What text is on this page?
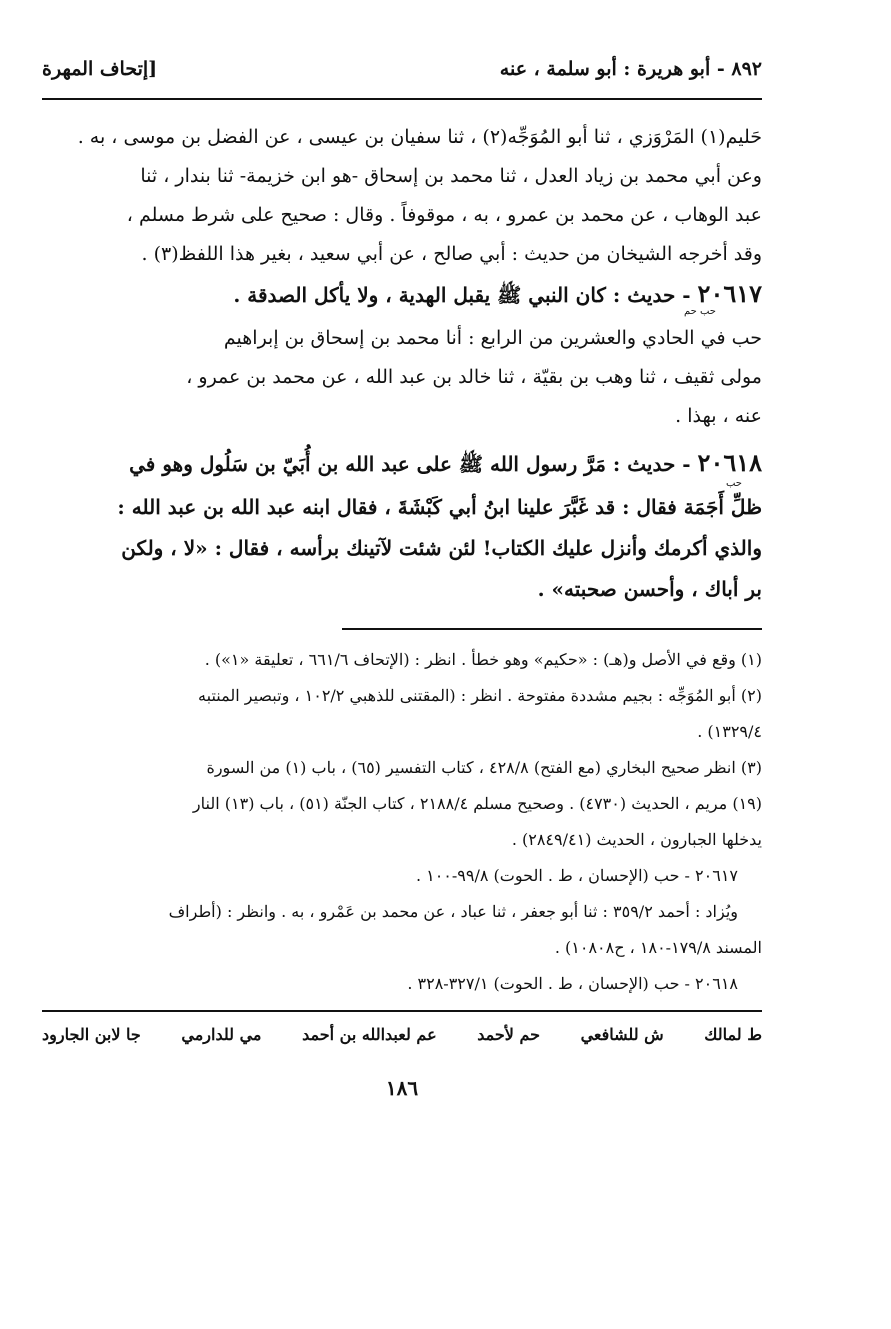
٨٩٢ - أبو هريرة : أبو سلمة ، عنه
[إتحاف المهرة

حَليم(١) المَرْوَزي ، ثنا أبو المُوَجِّه(٢) ، ثنا سفيان بن عيسى ، عن الفضل بن موسى ، به .

وعن أبي محمد بن زياد العدل ، ثنا محمد بن إسحاق -هو ابن خزيمة- ثنا بندار ، ثنا

عبد الوهاب ، عن محمد بن عمرو ، به ، موقوفاً . وقال : صحيح على شرط مسلم ،

وقد أخرجه الشيخان من حديث : أبي صالح ، عن أبي سعيد ، بغير هذا اللفظ(٣) .

٢٠٦١٧ - حديث : كان النبي ﷺ يقبل الهدية ، ولا يأكل الصدقة .

حب حم

حب في الحادي والعشرين من الرابع : أنا محمد بن إسحاق بن إبراهيم

مولى ثقيف ، ثنا وهب بن بقيّة ، ثنا خالد بن عبد الله ، عن محمد بن عمرو ،

عنه ، بهذا .

٢٠٦١٨ - حديث : مَرَّ رسول الله ﷺ على عبد الله بن أُبَيّ بن سَلُول وهو في

حب

ظلِّ أَجَمَة فقال : قد غَبَّرَ علينا ابنُ أبي كَبْشَةَ ، فقال ابنه عبد الله بن عبد الله :

والذي أكرمك وأنزل عليك الكتاب! لئن شئت لآتينك برأسه ، فقال : «لا ، ولكن

بر أباك ، وأحسن صحبته» .

(١) وقع في الأصل و(هـ) : «حكيم» وهو خطأ . انظر : (الإتحاف ٦٦١/٦ ، تعليقة «١») .

(٢) أبو المُوَجِّه : بجيم مشددة مفتوحة . انظر : (المقتنى للذهبي ١٠٢/٢ ، وتبصير المنتبه

١٣٢٩/٤) .

(٣) انظر صحيح البخاري (مع الفتح) ٤٢٨/٨ ، كتاب التفسير (٦٥) ، باب (١) من السورة

(١٩) مريم ، الحديث (٤٧٣٠) . وصحيح مسلم ٢١٨٨/٤ ، كتاب الجنّة (٥١) ، باب (١٣) النار

يدخلها الجبارون ، الحديث (٢٨٤٩/٤١) .

٢٠٦١٧ - حب (الإحسان ، ط . الحوت) ٩٩/٨-١٠٠ .

ويُزاد : أحمد ٣٥٩/٢ : ثنا أبو جعفر ، ثنا عباد ، عن محمد بن عَمْرو ، به . وانظر : (أطراف

المسند ١٧٩/٨-١٨٠ ، ح١٠٨٠٨) .

٢٠٦١٨ - حب (الإحسان ، ط . الحوت) ٣٢٧/١-٣٢٨ .

ط لمالك
ش للشافعي
حم لأحمد
عم لعبدالله بن أحمد
مي للدارمي
جا لابن الجارود
١٨٦
